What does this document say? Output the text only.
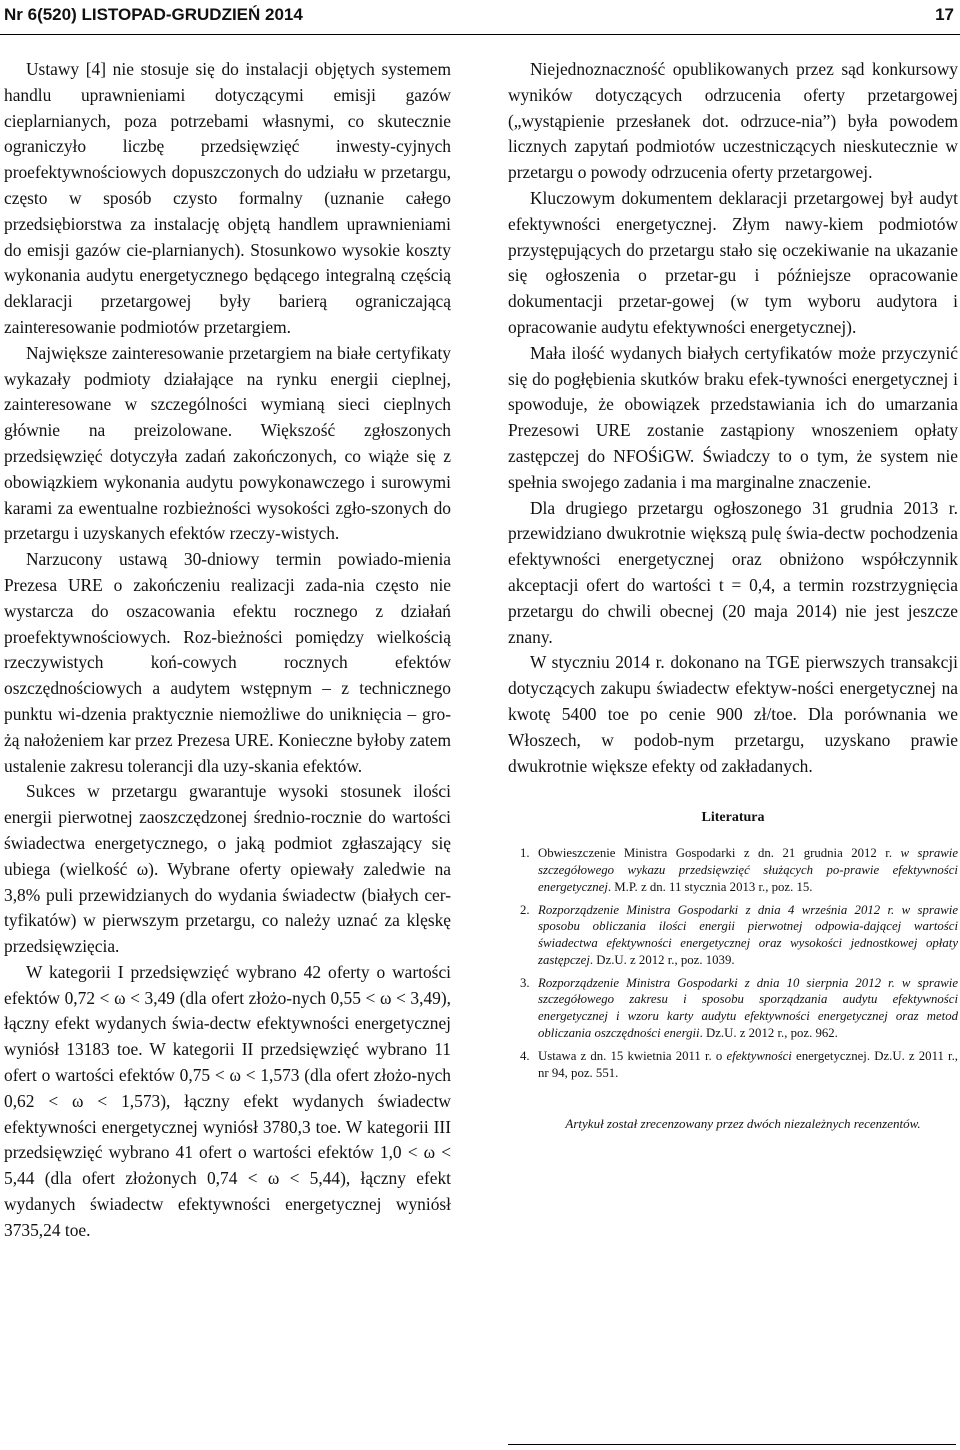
Nr 6(520) LISTOPAD-GRUDZIEŃ 2014	17

Ustawy [4] nie stosuje się do instalacji objętych systemem handlu uprawnieniami dotyczącymi emisji gazów cieplarnianych, poza potrzebami własnymi, co skutecznie ograniczyło liczbę przedsięwzięć inwesty-cyjnych proefektywnościowych dopuszczonych do udziału w przetargu, często w sposób czysto formalny (uznanie całego przedsiębiorstwa za instalację objętą handlem uprawnieniami do emisji gazów cie-plarnianych). Stosunkowo wysokie koszty wykonania audytu energetycznego będącego integralną częścią deklaracji przetargowej były barierą ograniczającą zainteresowanie podmiotów przetargiem.

Największe zainteresowanie przetargiem na białe certyfikaty wykazały podmioty działające na rynku energii cieplnej, zainteresowane w szczególności wymianą sieci cieplnych głównie na preizolowane. Większość zgłoszonych przedsięwzięć dotyczyła zadań zakończonych, co wiąże się z obowiązkiem wykonania audytu powykonawczego i surowymi karami za ewentualne rozbieżności wysokości zgło-szonych do przetargu i uzyskanych efektów rzeczy-wistych.

Narzucony ustawą 30-dniowy termin powiado-mienia Prezesa URE o zakończeniu realizacji zada-nia często nie wystarcza do oszacowania efektu rocznego z działań proefektywnościowych. Roz-bieżności pomiędzy wielkością rzeczywistych koń-cowych rocznych efektów oszczędnościowych a audytem wstępnym – z technicznego punktu wi-dzenia praktycznie niemożliwe do uniknięcia – gro-żą nałożeniem kar przez Prezesa URE. Konieczne byłoby zatem ustalenie zakresu tolerancji dla uzy-skania efektów.

Sukces w przetargu gwarantuje wysoki stosunek ilości energii pierwotnej zaoszczędzonej średnio-rocznie do wartości świadectwa energetycznego, o jaką podmiot zgłaszający się ubiega (wielkość ω). Wybrane oferty opiewały zaledwie na 3,8% puli przewidzianych do wydania świadectw (białych cer-tyfikatów) w pierwszym przetargu, co należy uznać za klęskę przedsięwzięcia.

W kategorii I przedsięwzięć wybrano 42 oferty o wartości efektów 0,72 < ω < 3,49 (dla ofert złożo-nych 0,55 < ω < 3,49), łączny efekt wydanych świa-dectw efektywności energetycznej wyniósł 13183 toe. W kategorii II przedsięwzięć wybrano 11 ofert o wartości efektów 0,75 < ω < 1,573 (dla ofert złożo-nych 0,62 < ω < 1,573), łączny efekt wydanych świadectw efektywności energetycznej wyniósł 3780,3 toe. W kategorii III przedsięwzięć wybrano 41 ofert o wartości efektów 1,0 < ω < 5,44 (dla ofert złożonych 0,74 < ω < 5,44), łączny efekt wydanych świadectw efektywności energetycznej wyniósł 3735,24 toe.

Niejednoznaczność opublikowanych przez sąd konkursowy wyników dotyczących odrzucenia oferty przetargowej („wystąpienie przesłanek dot. odrzuce-nia”) była powodem licznych zapytań podmiotów uczestniczących nieskutecznie w przetargu o powody odrzucenia oferty przetargowej.

Kluczowym dokumentem deklaracji przetargowej był audyt efektywności energetycznej. Złym nawy-kiem podmiotów przystępujących do przetargu stało się oczekiwanie na ukazanie się ogłoszenia o przetar-gu i późniejsze opracowanie dokumentacji przetar-gowej (w tym wyboru audytora i opracowanie audytu efektywności energetycznej).

Mała ilość wydanych białych certyfikatów może przyczynić się do pogłębienia skutków braku efek-tywności energetycznej i spowoduje, że obowiązek przedstawiania ich do umarzania Prezesowi URE zostanie zastąpiony wnoszeniem opłaty zastępczej do NFOŚiGW. Świadczy to o tym, że system nie spełnia swojego zadania i ma marginalne znaczenie.

Dla drugiego przetargu ogłoszonego 31 grudnia 2013 r. przewidziano dwukrotnie większą pulę świa-dectw pochodzenia efektywności energetycznej oraz obniżono współczynnik akceptacji ofert do wartości t = 0,4, a termin rozstrzygnięcia przetargu do chwili obecnej (20 maja 2014) nie jest jeszcze znany.

W styczniu 2014 r. dokonano na TGE pierwszych transakcji dotyczących zakupu świadectw efektyw-ności energetycznej na kwotę 5400 toe po cenie 900 zł/toe. Dla porównania we Włoszech, w podob-nym przetargu, uzyskano prawie dwukrotnie większe efekty od zakładanych.

Literatura
1. Obwieszczenie Ministra Gospodarki z dn. 21 grudnia 2012 r. w sprawie szczegółowego wykazu przedsięwzięć służących po-prawie efektywności energetycznej. M.P. z dn. 11 stycznia 2013 r., poz. 15.
2. Rozporządzenie Ministra Gospodarki z dnia 4 września 2012 r. w sprawie sposobu obliczania ilości energii pierwotnej odpowia-dającej wartości świadectwa efektywności energetycznej oraz wysokości jednostkowej opłaty zastępczej. Dz.U. z 2012 r., poz. 1039.
3. Rozporządzenie Ministra Gospodarki z dnia 10 sierpnia 2012 r. w sprawie szczegółowego zakresu i sposobu sporządzania audytu efektywności energetycznej i wzoru karty audytu efektywności energetycznej oraz metod obliczania oszczędności energii. Dz.U. z 2012 r., poz. 962.
4. Ustawa z dn. 15 kwietnia 2011 r. o efektywności energetycznej. Dz.U. z 2011 r., nr 94, poz. 551.
Artykuł został zrecenzowany przez dwóch niezależnych recenzentów.
